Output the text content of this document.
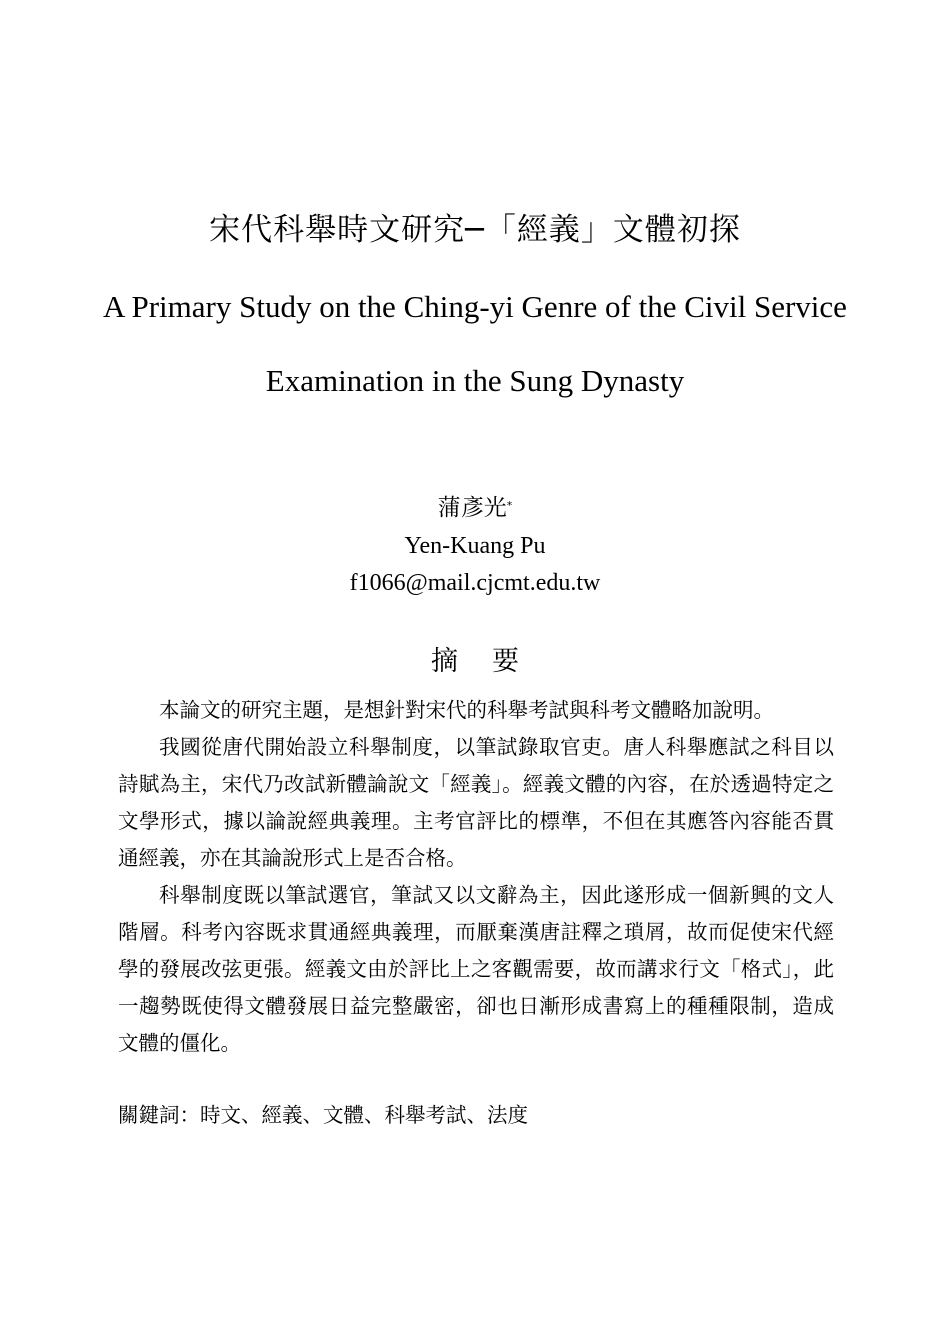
宋代科舉時文研究─「經義」文體初探
A Primary Study on the Ching-yi Genre of the Civil Service Examination in the Sung Dynasty
蒲彥光*
Yen-Kuang Pu
f1066@mail.cjcmt.edu.tw
摘要

本論文的研究主題，是想針對宋代的科舉考試與科考文體略加說明。

我國從唐代開始設立科舉制度，以筆試錄取官吏。唐人科舉應試之科目以詩賦為主，宋代乃改試新體論說文「經義」。經義文體的內容，在於透過特定之文學形式，據以論說經典義理。主考官評比的標準，不但在其應答內容能否貫通經義，亦在其論說形式上是否合格。

科舉制度既以筆試選官，筆試又以文辭為主，因此遂形成一個新興的文人階層。科考內容既求貫通經典義理，而厭棄漢唐註釋之瑣屑，故而促使宋代經學的發展改弦更張。經義文由於評比上之客觀需要，故而講求行文「格式」，此一趨勢既使得文體發展日益完整嚴密，卻也日漸形成書寫上的種種限制，造成文體的僵化。

關鍵詞：時文、經義、文體、科舉考試、法度
